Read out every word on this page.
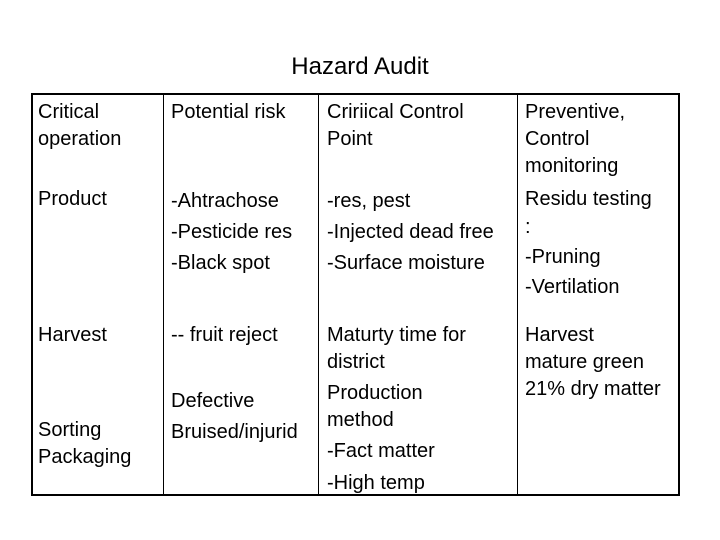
Hazard Audit
Critical
operation
Potential risk Cririical Control
Point
Preventive,
Control
monitoring
Product	-Ahtrachose
-Pesticide res
-Black spot
-res, pest
-Injected dead free
-Surface moisture
Residu testing
:
-Pruning
-Vertilation
Harvest	-- fruit reject Maturty time for
district
Production
method
-Fact matter
-High temp
Harvest
mature green
21% dry matter
Sorting
Packaging
Defective
Bruised/injurid
